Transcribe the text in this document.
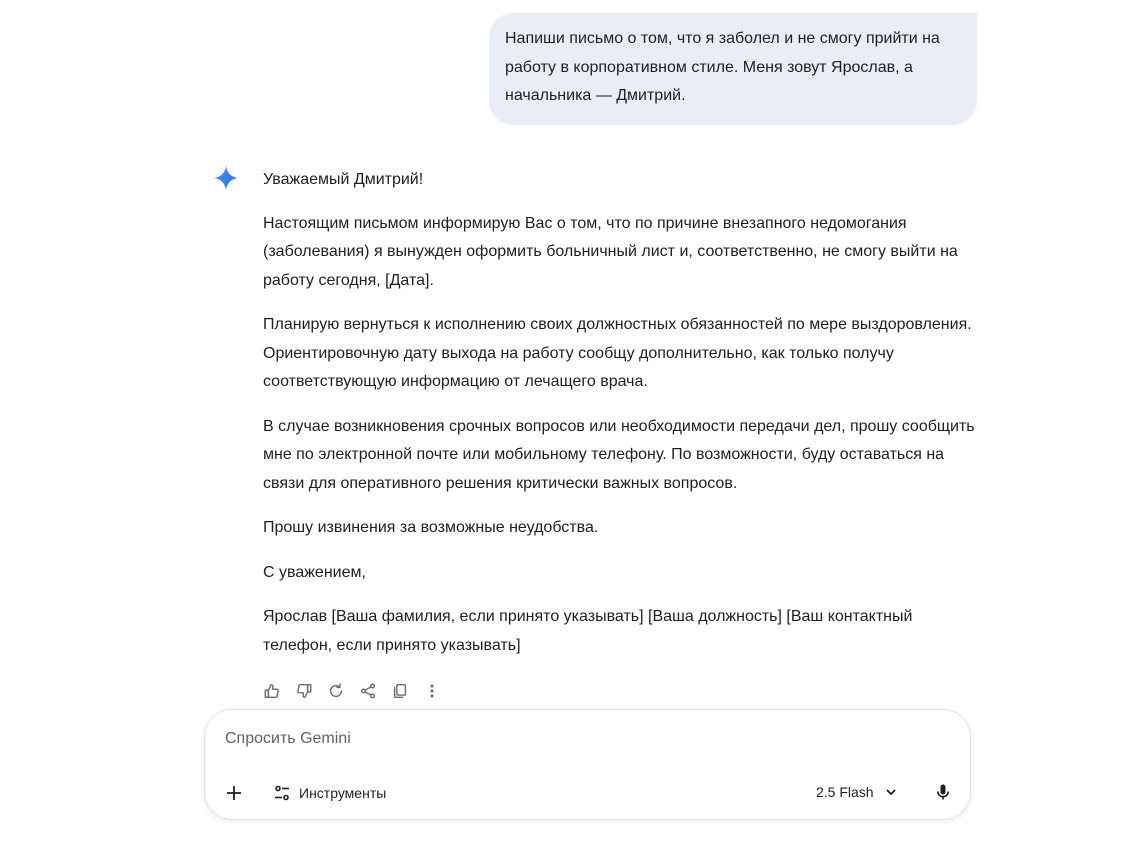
Напиши письмо о том, что я заболел и не смогу прийти на работу в корпоративном стиле. Меня зовут Ярослав, а начальника — Дмитрий.

Уважаемый Дмитрий!

Настоящим письмом информирую Вас о том, что по причине внезапного недомогания (заболевания) я вынужден оформить больничный лист и, соответственно, не смогу выйти на работу сегодня, [Дата].

Планирую вернуться к исполнению своих должностных обязанностей по мере выздоровления. Ориентировочную дату выхода на работу сообщу дополнительно, как только получу соответствующую информацию от лечащего врача.

В случае возникновения срочных вопросов или необходимости передачи дел, прошу сообщить мне по электронной почте или мобильному телефону. По возможности, буду оставаться на связи для оперативного решения критически важных вопросов.

Прошу извинения за возможные неудобства.

С уважением,

Ярослав [Ваша фамилия, если принято указывать] [Ваша должность] [Ваш контактный телефон, если принято указывать]

Спросить Gemini
Инструменты	2.5 Flash
